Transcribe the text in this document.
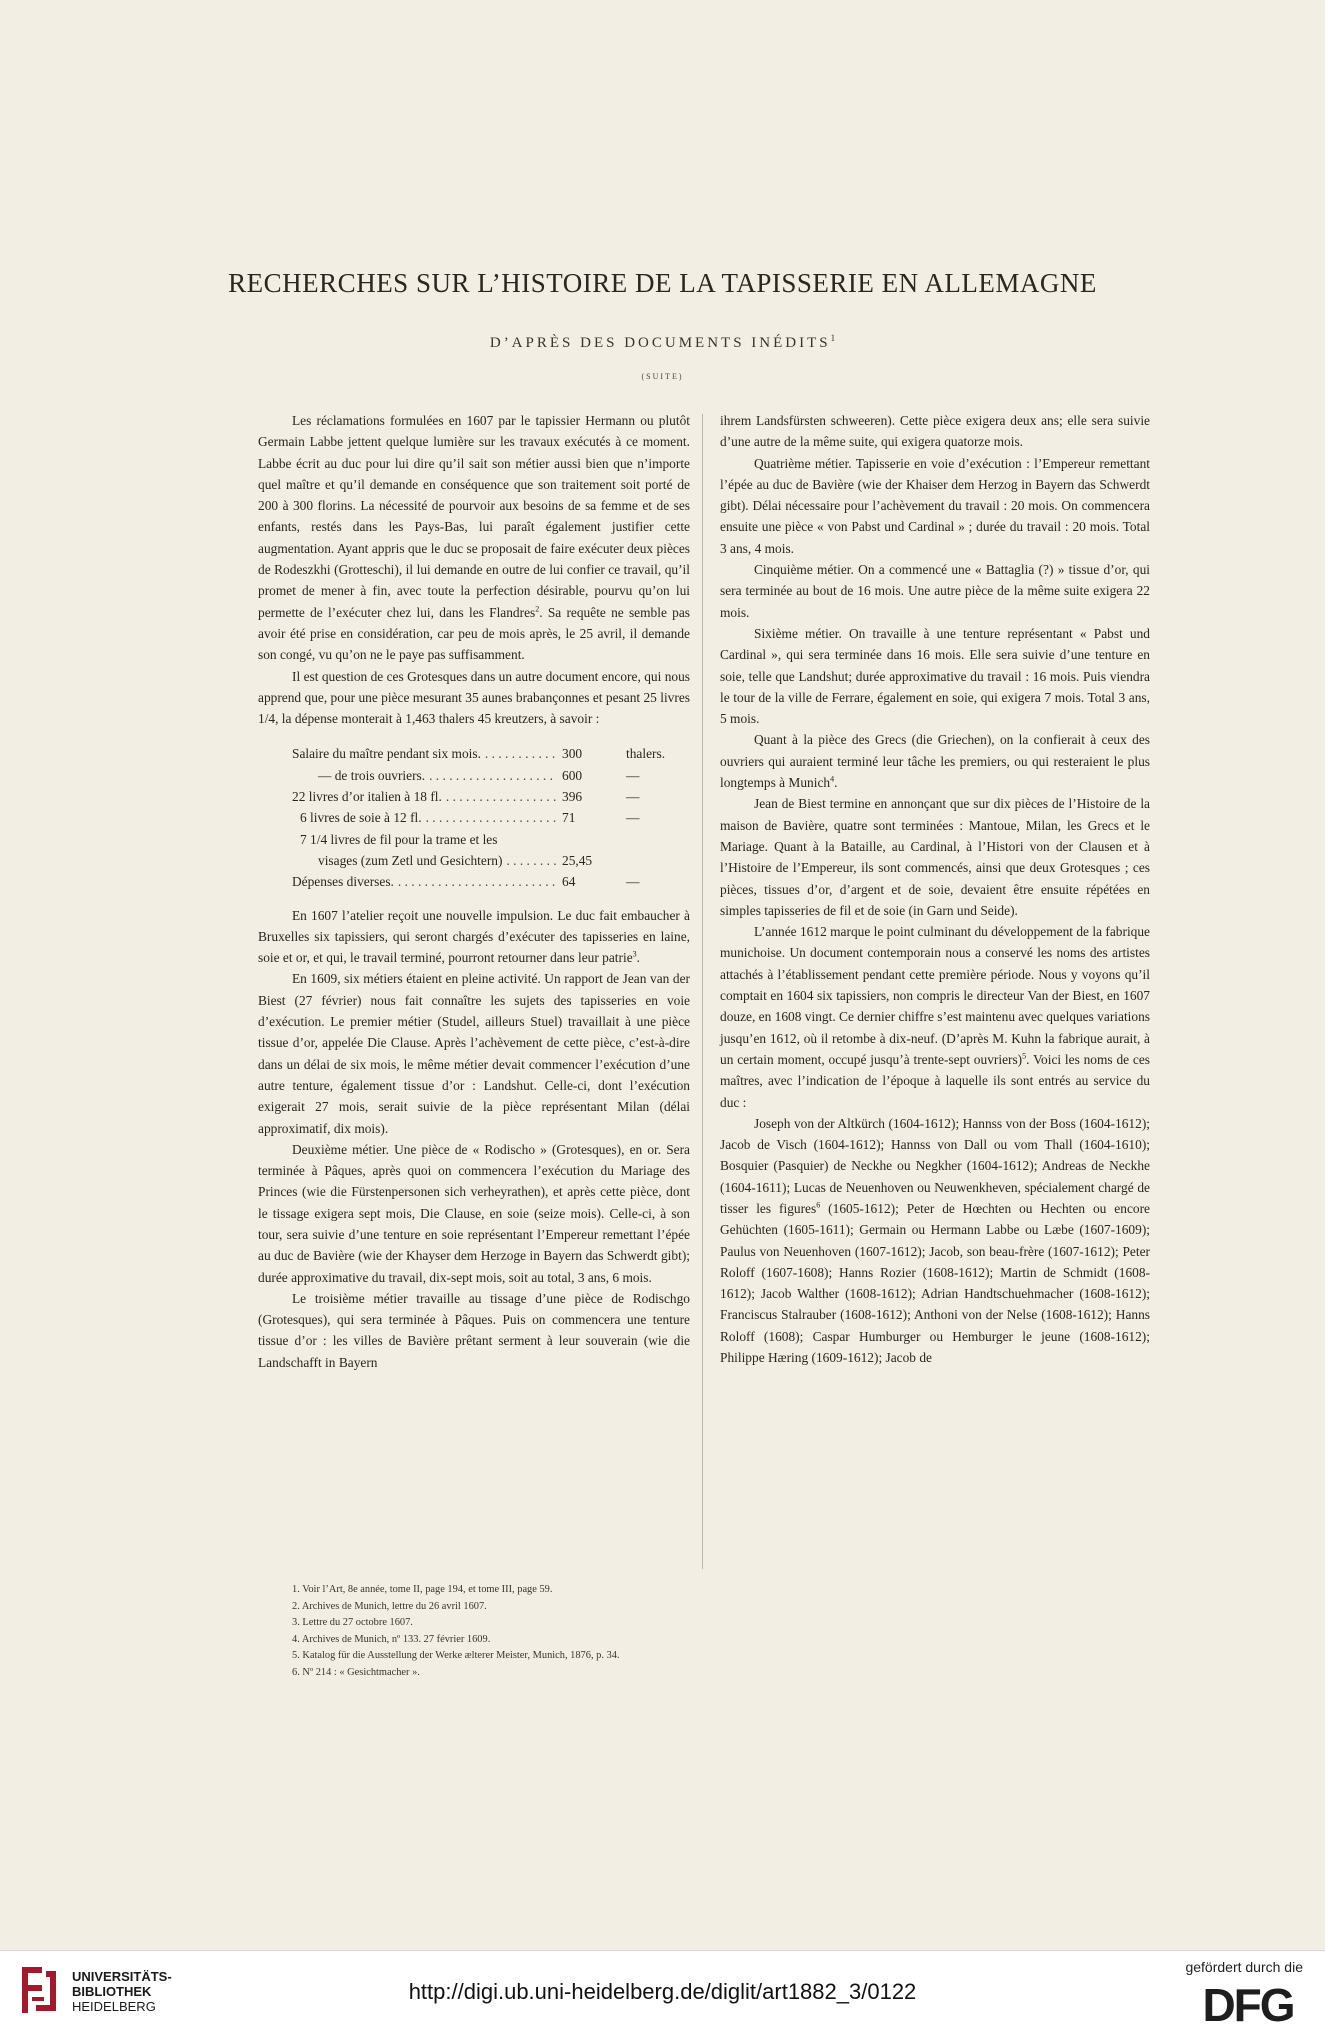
RECHERCHES SUR L’HISTOIRE DE LA TAPISSERIE EN ALLEMAGNE
D’APRÈS DES DOCUMENTS INÉDITS$^1$
(SUITE)

Les réclamations formulées en 1607 par le tapissier Hermann ou plutôt Germain Labbe jettent quelque lumière sur les travaux exécutés à ce moment. Labbe écrit au duc pour lui dire qu’il sait son métier aussi bien que n’importe quel maître et qu’il demande en conséquence que son traitement soit porté de 200 à 300 florins. La nécessité de pourvoir aux besoins de sa femme et de ses enfants, restés dans les Pays-Bas, lui paraît également justifier cette augmentation. Ayant appris que le duc se proposait de faire exécuter deux pièces de Rodeszkhi (Grotteschi), il lui demande en outre de lui confier ce travail, qu’il promet de mener à fin, avec toute la perfection désirable, pourvu qu’on lui permette de l’exécuter chez lui, dans les Flandres$^2$. Sa requête ne semble pas avoir été prise en considération, car peu de mois après, le 25 avril, il demande son congé, vu qu’on ne le paye pas suffisamment.

Il est question de ces Grotesques dans un autre document encore, qui nous apprend que, pour une pièce mesurant 35 aunes brabançonnes et pesant 25 livres 1/4, la dépense monterait à 1,463 thalers 45 kreutzers, à savoir :

Salaire du maître pendant six mois. . . .	300	thalers.
— de trois ouvriers. . . .	600	—
22 livres d’or italien à 18 fl. . . .	396	—
6 livres de soie à 12 fl. . . .	71	—
7 1/4 livres de fil pour la trame et les
visages (zum Zetl und Gesichtern) . . .	25,45
Dépenses diverses. . . .	64	—

En 1607 l’atelier reçoit une nouvelle impulsion. Le duc fait embaucher à Bruxelles six tapissiers, qui seront chargés d’exécuter des tapisseries en laine, soie et or, et qui, le travail terminé, pourront retourner dans leur patrie$^3$.

En 1609, six métiers étaient en pleine activité. Un rapport de Jean van der Biest (27 février) nous fait connaître les sujets des tapisseries en voie d’exécution. Le premier métier (Studel, ailleurs Stuel) travaillait à une pièce tissue d’or, appelée Die Clause. Après l’achèvement de cette pièce, c’est-à-dire dans un délai de six mois, le même métier devait commencer l’exécution d’une autre tenture, également tissue d’or : Landshut. Celle-ci, dont l’exécution exigerait 27 mois, serait suivie de la pièce représentant Milan (délai approximatif, dix mois).

Deuxième métier. Une pièce de « Rodischo » (Grotesques), en or. Sera terminée à Pâques, après quoi on commencera l’exécution du Mariage des Princes (wie die Fürstenpersonen sich verheyrathen), et après cette pièce, dont le tissage exigera sept mois, Die Clause, en soie (seize mois). Celle-ci, à son tour, sera suivie d’une tenture en soie représentant l’Empereur remettant l’épée au duc de Bavière (wie der Khayser dem Herzoge in Bayern das Schwerdt gibt); durée approximative du travail, dix-sept mois, soit au total, 3 ans, 6 mois.

Le troisième métier travaille au tissage d’une pièce de Rodischgo (Grotesques), qui sera terminée à Pâques. Puis on commencera une tenture tissue d’or : les villes de Bavière prêtant serment à leur souverain (wie die Landschafft in Bayern

ihrem Landsfürsten schweeren). Cette pièce exigera deux ans; elle sera suivie d’une autre de la même suite, qui exigera quatorze mois.

Quatrième métier. Tapisserie en voie d’exécution : l’Empereur remettant l’épée au duc de Bavière (wie der Khaiser dem Herzog in Bayern das Schwerdt gibt). Délai nécessaire pour l’achèvement du travail : 20 mois. On commencera ensuite une pièce « von Pabst und Cardinal » ; durée du travail : 20 mois. Total 3 ans, 4 mois.

Cinquième métier. On a commencé une « Battaglia (?) » tissue d’or, qui sera terminée au bout de 16 mois. Une autre pièce de la même suite exigera 22 mois.

Sixième métier. On travaille à une tenture représentant « Pabst und Cardinal », qui sera terminée dans 16 mois. Elle sera suivie d’une tenture en soie, telle que Landshut; durée approximative du travail : 16 mois. Puis viendra le tour de la ville de Ferrare, également en soie, qui exigera 7 mois. Total 3 ans, 5 mois.

Quant à la pièce des Grecs (die Griechen), on la confierait à ceux des ouvriers qui auraient terminé leur tâche les premiers, ou qui resteraient le plus longtemps à Munich$^4$.

Jean de Biest termine en annonçant que sur dix pièces de l’Histoire de la maison de Bavière, quatre sont terminées : Mantoue, Milan, les Grecs et le Mariage. Quant à la Bataille, au Cardinal, à l’Histori von der Clausen et à l’Histoire de l’Empereur, ils sont commencés, ainsi que deux Grotesques ; ces pièces, tissues d’or, d’argent et de soie, devaient être ensuite répétées en simples tapisseries de fil et de soie (in Garn und Seide).

L’année 1612 marque le point culminant du développement de la fabrique munichoise. Un document contemporain nous a conservé les noms des artistes attachés à l’établissement pendant cette première période. Nous y voyons qu’il comptait en 1604 six tapissiers, non compris le directeur Van der Biest, en 1607 douze, en 1608 vingt. Ce dernier chiffre s’est maintenu avec quelques variations jusqu’en 1612, où il retombe à dix-neuf. (D’après M. Kuhn la fabrique aurait, à un certain moment, occupé jusqu’à trente-sept ouvriers)$^5$. Voici les noms de ces maîtres, avec l’indication de l’époque à laquelle ils sont entrés au service du duc :

Joseph von der Altkürch (1604-1612); Hannss von der Boss (1604-1612); Jacob de Visch (1604-1612); Hannss von Dall ou vom Thall (1604-1610); Bosquier (Pasquier) de Neckhe ou Negkher (1604-1612); Andreas de Neckhe (1604-1611); Lucas de Neuenhoven ou Neuwenkheven, spécialement chargé de tisser les figures$^6$ (1605-1612); Peter de Hœchten ou Hechten ou encore Gehüchten (1605-1611); Germain ou Hermann Labbe ou Læbe (1607-1609); Paulus von Neuenhoven (1607-1612); Jacob, son beau-frère (1607-1612); Peter Roloff (1607-1608); Hanns Rozier (1608-1612); Martin de Schmidt (1608-1612); Jacob Walther (1608-1612); Adrian Handtschuehmacher (1608-1612); Franciscus Stalrauber (1608-1612); Anthoni von der Nelse (1608-1612); Hanns Roloff (1608); Caspar Humburger ou Hemburger le jeune (1608-1612); Philippe Hæring (1609-1612); Jacob de

1. Voir l’Art, 8e année, tome II, page 194, et tome III, page 59.
2. Archives de Munich, lettre du 26 avril 1607.
3. Lettre du 27 octobre 1607.
4. Archives de Munich, nº 133. 27 février 1609.
5. Katalog für die Ausstellung der Werke ælterer Meister, Munich, 1876, p. 34.
6. Nº 214 : « Gesichtmacher ».
UNIVERSITÄTS-
BIBLIOTHEK
HEIDELBERG
http://digi.ub.uni-heidelberg.de/diglit/art1882_3/0122
gefördert durch die
DFG
